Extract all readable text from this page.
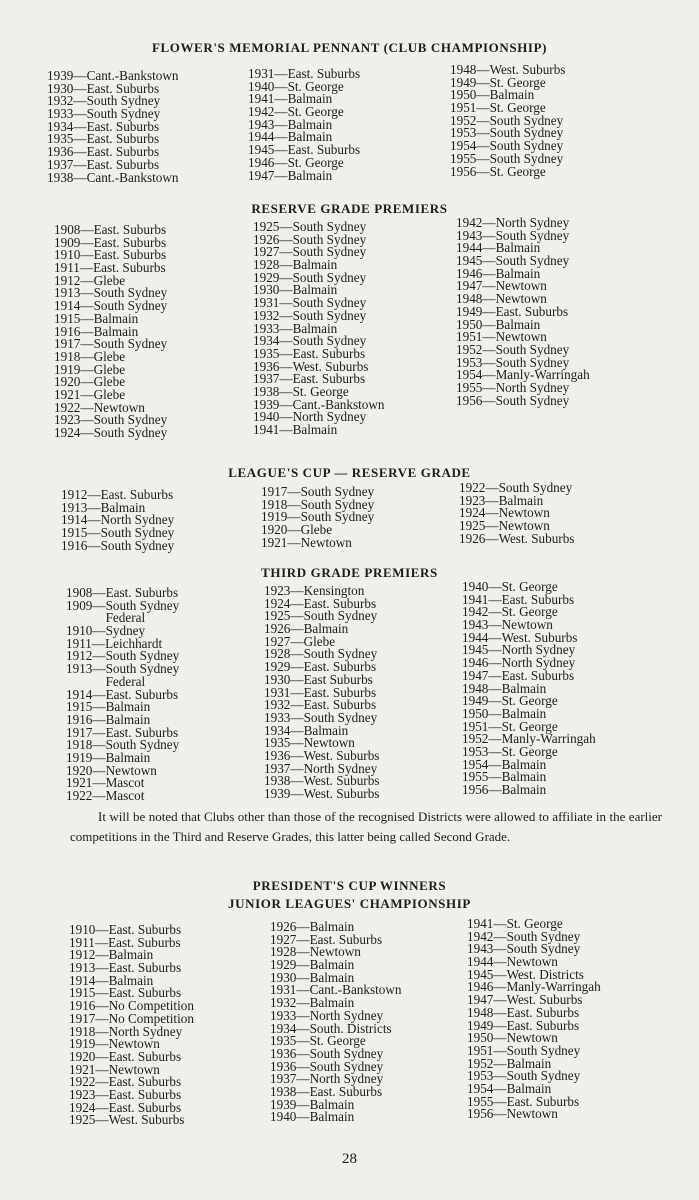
FLOWER'S MEMORIAL PENNANT (CLUB CHAMPIONSHIP)
1939—Cant.-Bankstown
1930—East. Suburbs
1932—South Sydney
1933—South Sydney
1934—East. Suburbs
1935—East. Suburbs
1936—East. Suburbs
1937—East. Suburbs
1938—Cant.-Bankstown
1931—East. Suburbs
1940—St. George
1941—Balmain
1942—St. George
1943—Balmain
1944—Balmain
1945—East. Suburbs
1946—St. George
1947—Balmain
1948—West. Suburbs
1949—St. George
1950—Balmain
1951—St. George
1952—South Sydney
1953—South Sydney
1954—South Sydney
1955—South Sydney
1956—St. George
RESERVE GRADE PREMIERS
1908—East. Suburbs
1909—East. Suburbs
1910—East. Suburbs
1911—East. Suburbs
1912—Glebe
1913—South Sydney
1914—South Sydney
1915—Balmain
1916—Balmain
1917—South Sydney
1918—Glebe
1919—Glebe
1920—Glebe
1921—Glebe
1922—Newtown
1923—South Sydney
1924—South Sydney
1925—South Sydney
1926—South Sydney
1927—South Sydney
1928—Balmain
1929—South Sydney
1930—Balmain
1931—South Sydney
1932—South Sydney
1933—Balmain
1934—South Sydney
1935—East. Suburbs
1936—West. Suburbs
1937—East. Suburbs
1938—St. George
1939—Cant.-Bankstown
1940—North Sydney
1941—Balmain
1942—North Sydney
1943—South Sydney
1944—Balmain
1945—South Sydney
1946—Balmain
1947—Newtown
1948—Newtown
1949—East. Suburbs
1950—Balmain
1951—Newtown
1952—South Sydney
1953—South Sydney
1954—Manly-Warringah
1955—North Sydney
1956—South Sydney
LEAGUE'S CUP — RESERVE GRADE
1912—East. Suburbs
1913—Balmain
1914—North Sydney
1915—South Sydney
1916—South Sydney
1917—South Sydney
1918—South Sydney
1919—South Sydney
1920—Glebe
1921—Newtown
1922—South Sydney
1923—Balmain
1924—Newtown
1925—Newtown
1926—West. Suburbs
THIRD GRADE PREMIERS
1908—East. Suburbs
1909—South Sydney
Federal
1910—Sydney
1911—Leichhardt
1912—South Sydney
1913—South Sydney
Federal
1914—East. Suburbs
1915—Balmain
1916—Balmain
1917—East. Suburbs
1918—South Sydney
1919—Balmain
1920—Newtown
1921—Mascot
1922—Mascot
1923—Kensington
1924—East. Suburbs
1925—South Sydney
1926—Balmain
1927—Glebe
1928—South Sydney
1929—East. Suburbs
1930—East Suburbs
1931—East. Suburbs
1932—East. Suburbs
1933—South Sydney
1934—Balmain
1935—Newtown
1936—West. Suburbs
1937—North Sydney
1938—West. Suburbs
1939—West. Suburbs
1940—St. George
1941—East. Suburbs
1942—St. George
1943—Newtown
1944—West. Suburbs
1945—North Sydney
1946—North Sydney
1947—East. Suburbs
1948—Balmain
1949—St. George
1950—Balmain
1951—St. George
1952—Manly-Warringah
1953—St. George
1954—Balmain
1955—Balmain
1956—Balmain

It will be noted that Clubs other than those of the recognised Districts were allowed to affiliate in the earlier competitions in the Third and Reserve Grades, this latter being called Second Grade.

PRESIDENT'S CUP WINNERS
JUNIOR LEAGUES' CHAMPIONSHIP
1910—East. Suburbs
1911—East. Suburbs
1912—Balmain
1913—East. Suburbs
1914—Balmain
1915—East. Suburbs
1916—No Competition
1917—No Competition
1918—North Sydney
1919—Newtown
1920—East. Suburbs
1921—Newtown
1922—East. Suburbs
1923—East. Suburbs
1924—East. Suburbs
1925—West. Suburbs
1926—Balmain
1927—East. Suburbs
1928—Newtown
1929—Balmain
1930—Balmain
1931—Cant.-Bankstown
1932—Balmain
1933—North Sydney
1934—South. Districts
1935—St. George
1936—South Sydney
1936—South Sydney
1937—North Sydney
1938—East. Suburbs
1939—Balmain
1940—Balmain
1941—St. George
1942—South Sydney
1943—South Sydney
1944—Newtown
1945—West. Districts
1946—Manly-Warringah
1947—West. Suburbs
1948—East. Suburbs
1949—East. Suburbs
1950—Newtown
1951—South Sydney
1952—Balmain
1953—South Sydney
1954—Balmain
1955—East. Suburbs
1956—Newtown
28
